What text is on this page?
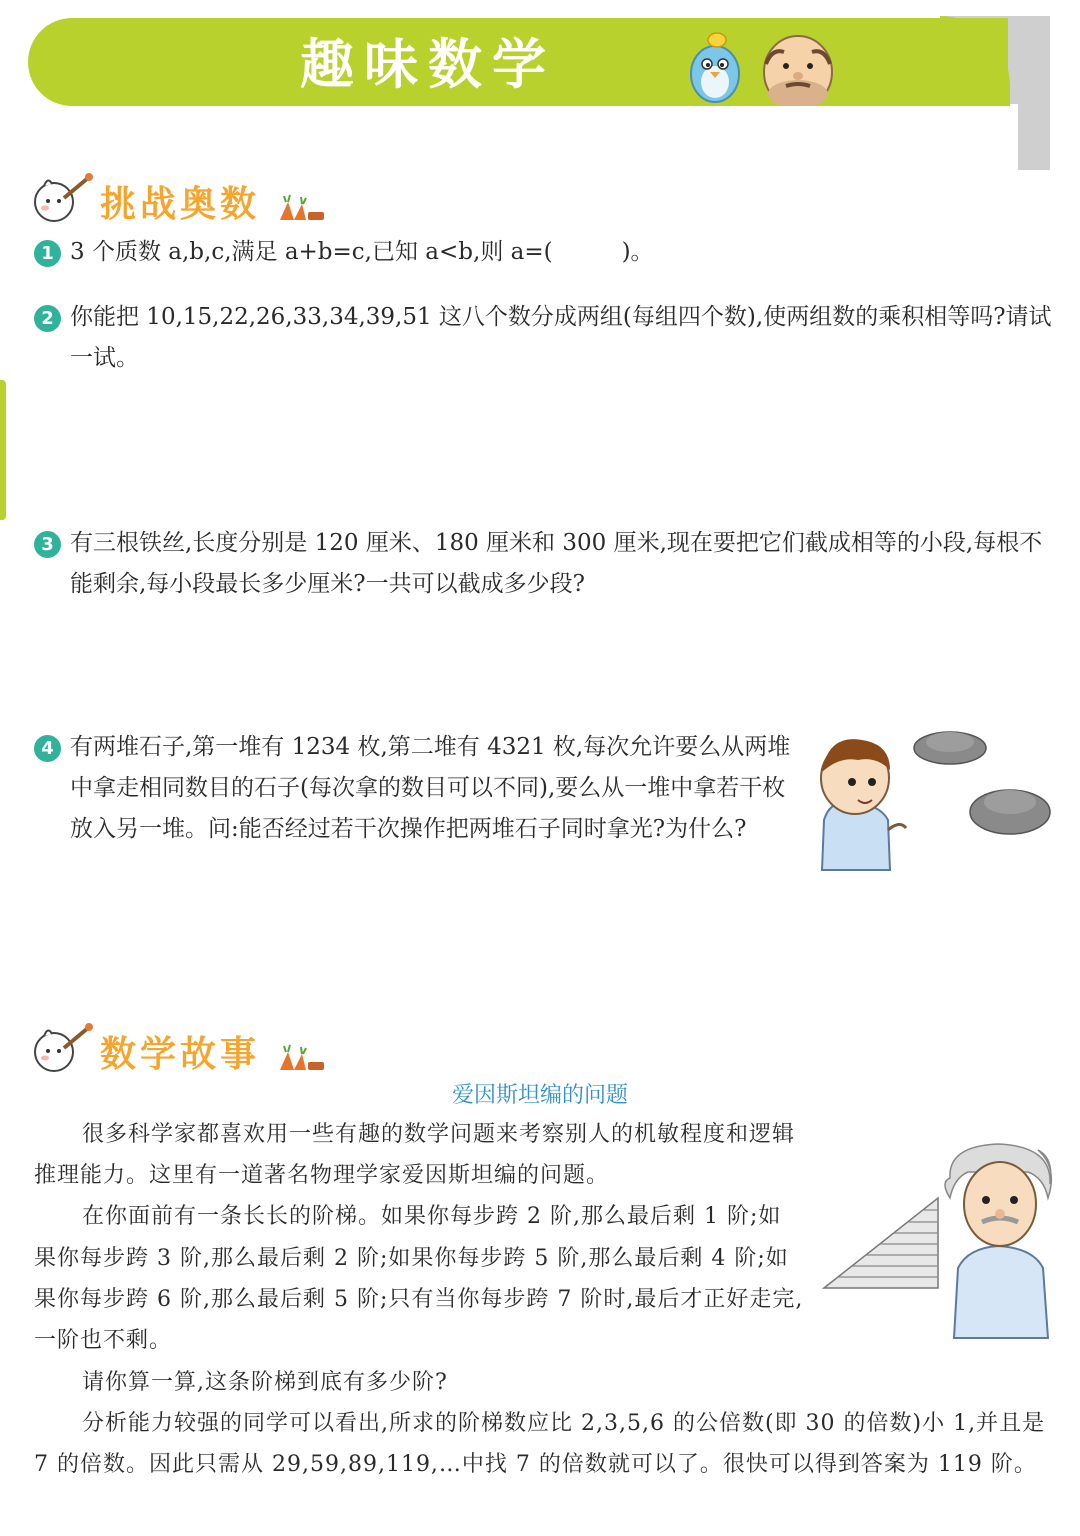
趣味数学
挑战奥数
1 3 个质数 a,b,c,满足 a+b=c,已知 a<b,则 a=(　　　)。
2 你能把 10,15,22,26,33,34,39,51 这八个数分成两组(每组四个数),使两组数的乘积相等吗?请试一试。
3 有三根铁丝,长度分别是 120 厘米、180 厘米和 300 厘米,现在要把它们截成相等的小段,每根不能剩余,每小段最长多少厘米?一共可以截成多少段?
4 有两堆石子,第一堆有 1234 枚,第二堆有 4321 枚,每次允许要么从两堆中拿走相同数目的石子(每次拿的数目可以不同),要么从一堆中拿若干枚放入另一堆。问:能否经过若干次操作把两堆石子同时拿光?为什么?
数学故事
爱因斯坦编的问题

很多科学家都喜欢用一些有趣的数学问题来考察别人的机敏程度和逻辑推理能力。这里有一道著名物理学家爱因斯坦编的问题。

在你面前有一条长长的阶梯。如果你每步跨 2 阶,那么最后剩 1 阶;如果你每步跨 3 阶,那么最后剩 2 阶;如果你每步跨 5 阶,那么最后剩 4 阶;如果你每步跨 6 阶,那么最后剩 5 阶;只有当你每步跨 7 阶时,最后才正好走完,一阶也不剩。

请你算一算,这条阶梯到底有多少阶?

分析能力较强的同学可以看出,所求的阶梯数应比 2,3,5,6 的公倍数(即 30 的倍数)小 1,并且是 7 的倍数。因此只需从 29,59,89,119,…中找 7 的倍数就可以了。很快可以得到答案为 119 阶。
